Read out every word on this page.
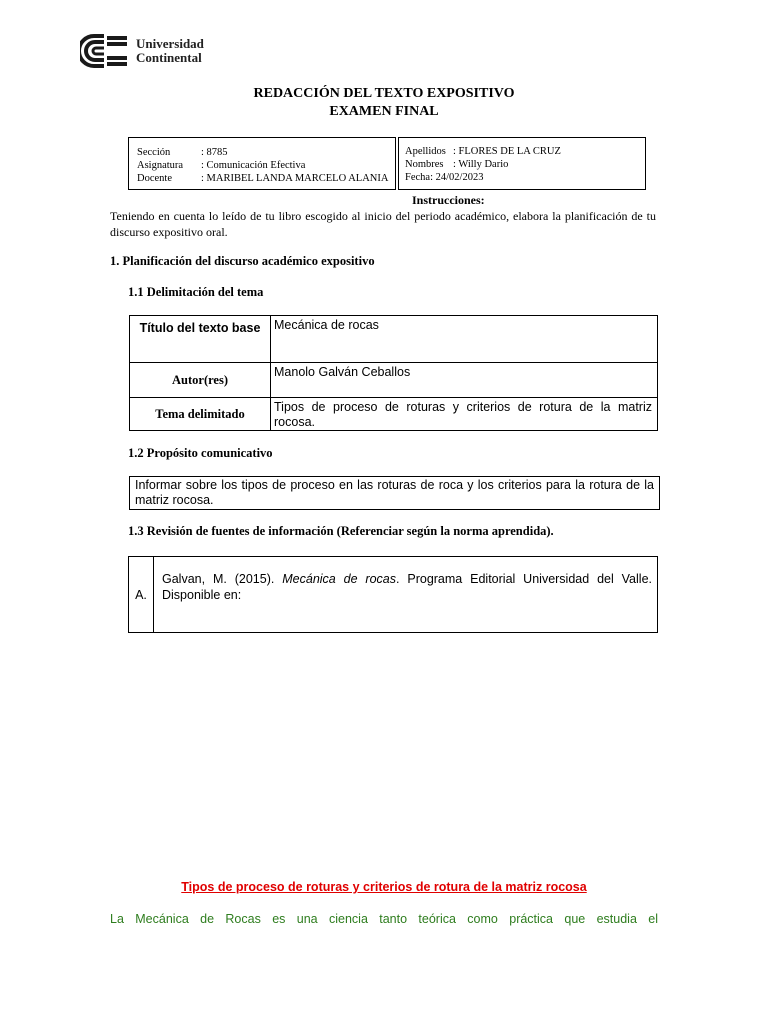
Universidad
Continental
REDACCIÓN DEL TEXTO EXPOSITIVO
EXAMEN FINAL
Sección	: 8785
Asignatura : Comunicación Efectiva
Docente	: MARIBEL LANDA MARCELO ALANIA
Apellidos : FLORES DE LA CRUZ
Nombres : Willy Dario
Fecha: 24/02/2023
Instrucciones:
Teniendo en cuenta lo leído de tu libro escogido al inicio del periodo académico, elabora la planificación de tu discurso expositivo oral.
1. Planificación del discurso académico expositivo
1.1 Delimitación del tema
Título del texto base	Mecánica de rocas
Autor(res)	Manolo Galván Ceballos
Tema delimitado	Tipos de proceso de roturas y criterios de rotura de la matriz rocosa.
1.2 Propósito comunicativo
Informar sobre los tipos de proceso en las roturas de roca y los criterios para la rotura de la matriz rocosa.
1.3 Revisión de fuentes de información (Referenciar según la norma aprendida).
A.	Galvan, M. (2015). Mecánica de rocas. Programa Editorial Universidad del Valle. Disponible en:
Tipos de proceso de roturas y criterios de rotura de la matriz rocosa
La Mecánica de Rocas es una ciencia tanto teórica como práctica que estudia el
